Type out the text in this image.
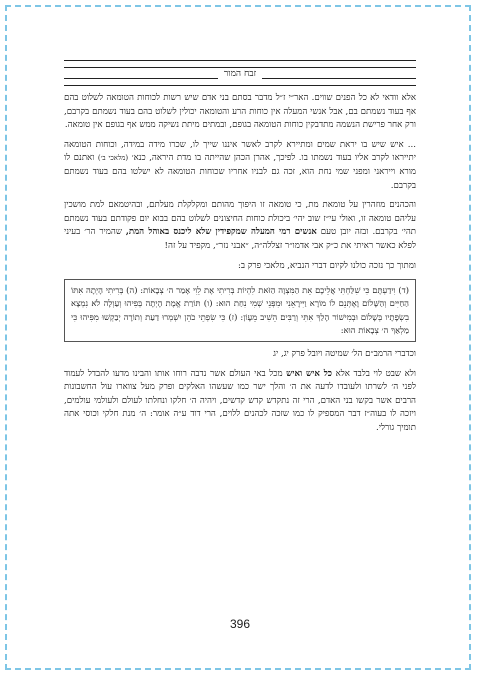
זבח המור

אלא וודאי לא כל הפנים שווים. האר״י ז״ל מדבר בסתם בני אדם שיש רשות לכוחות הטומאה לשלוט בהם אף בעוד נשמתם בם, אבל אנשי המעלה אין כוחות הרע והטומאה יכולין לשלוט בהם בעוד נשמתם בקרבם, ורק אחר פרישת הנשמה מתדבקין כוחות הטומאה בגופם, ובמתים מיתת נשיקה ממש אף בגופם אין טומאה.

... איש שיש בו יראת שמים ומתיירא לקרב לאשר איננו שייך לו, שכרו מידה במידה, וכוחות הטומאה יתייראו לקרב אליו בעוד נשמתו בו. לפיכך, אהרן הכהן שהייתה בו מדת היראה, כנא׳ (מלאכי ב׳) ואתנם לו מורא וייראני ומפני שמי נחת הוא, זכה גם לבניו אחריו שכוחות הטומאה לא ישלטו בהם בעוד נשמתם בקרבם.

והכהנים מוזהרין על טומאת מת, כי טומאה זו היפוך מהותם ומקלקלת מעלתם, ובהיטמאם למת מושכין עליהם טומאה זו, ואולי עי״ז שוב יהי׳ ביכולת כוחות החיצונים לשלוט בהם בבוא יום פקודתם בעוד נשמתם תהי׳ בקרבם. ובזה יובן טעם אנשים רמי המעלה שמקפידין שלא ליכנס באוהל המת, שהמיר הר׳ בעיני לפלא כאשר ראיתי את כ״ק אבי אדמו״ר זצללה״ה, ״אבני נזר״, מקפיד על זה!

ומתוך כך נזכה כולנו לקיום דברי הנביא, מלאכי פרק ב:

(ד) וִידַעְתֶּם כִּי שִׁלַּחְתִּי אֲלֵיכֶם אֵת הַמִּצְוָה הַזֹּאת לִהְיוֹת בְּרִיתִי אֶת לֵוִי אָמַר ה׳ צְבָאוֹת: (ה) בְּרִיתִי הָיְתָה אִתּוֹ הַחַיִּים וְהַשָּׁלוֹם וָאֶתְּנֵם לוֹ מוֹרָא וַיִּירָאֵנִי וּמִפְּנֵי שְׁמִי נִחַת הוּא: (ו) תּוֹרַת אֱמֶת הָיְתָה בְּפִיהוּ וְעַוְלָה לֹא נִמְצָא בִשְׂפָתָיו בְּשָׁלוֹם וּבְמִישׁוֹר הָלַךְ אִתִּי וְרַבִּים הֵשִׁיב מֵעָוֹן: (ז) כִּי שִׂפְתֵי כֹהֵן יִשְׁמְרוּ דַעַת וְתוֹרָה יְבַקְשׁוּ מִפִּיהוּ כִּי מַלְאַךְ ה׳ צְבָאוֹת הוּא:

וכדברי הרמב״ם הל׳ שמיטה ויובל פרק יג, יג

ולא שבט לוי בלבד אלא כל איש ואיש מכל באי העולם אשר נדבה רוחו אותו והבינו מדעו להבדל לעמוד לפני ה׳ לשרתו ולעובדו לדעה את ה׳ והלך ישר כמו שעשהו האלקים ופרק מעל צווארו עול החשבונות הרבים אשר בקשו בני האדם, הרי זה נתקדש קדש קדשים, ויהיה ה׳ חלקו ונחלתו לעולם ולעולמי עולמים, ויזכה לו בעוה״ז דבר המספיק לו כמו שזכה לכהנים ללוים, הרי דוד ע״ה אומר: ה׳ מנת חלקי וכוסי אתה תומיך גורלי.

396
